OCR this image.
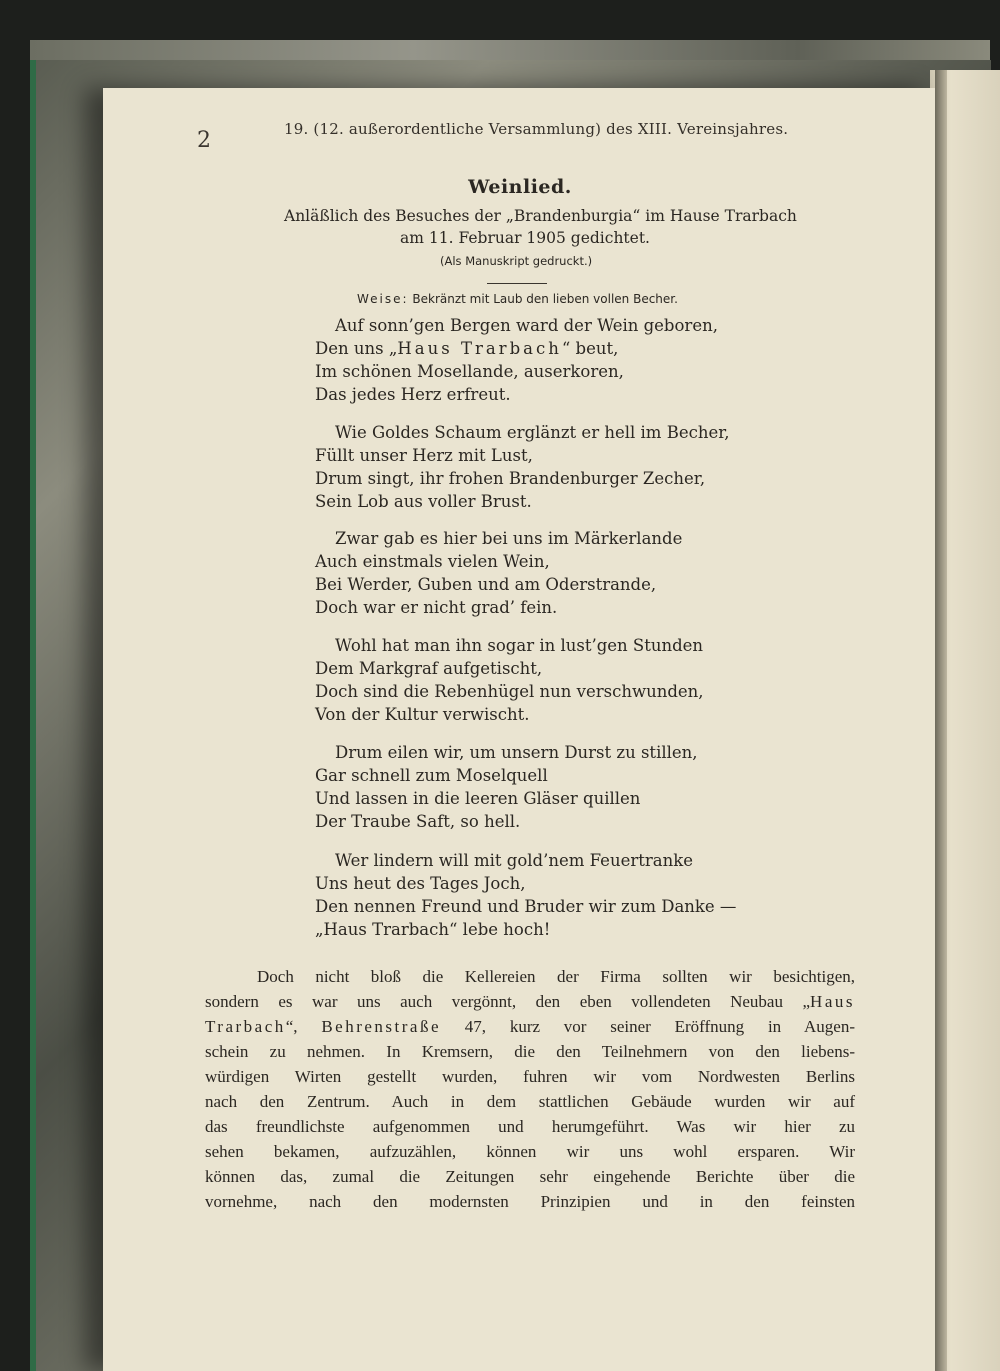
2	19. (12. außerordentliche Versammlung) des XIII. Vereinsjahres.
Weinlied.
Anläßlich des Besuches der „Brandenburgia“ im Hause Trarbach
am 11. Februar 1905 gedichtet.
(Als Manuskript gedruckt.)
Weise: Bekränzt mit Laub den lieben vollen Becher.
Auf sonn’gen Bergen ward der Wein geboren,
Den uns „Haus Trarbach“ beut,
Im schönen Mosellande, auserkoren,
Das jedes Herz erfreut.
Wie Goldes Schaum erglänzt er hell im Becher,
Füllt unser Herz mit Lust,
Drum singt, ihr frohen Brandenburger Zecher,
Sein Lob aus voller Brust.
Zwar gab es hier bei uns im Märkerlande
Auch einstmals vielen Wein,
Bei Werder, Guben und am Oderstrande,
Doch war er nicht grad’ fein.
Wohl hat man ihn sogar in lust’gen Stunden
Dem Markgraf aufgetischt,
Doch sind die Rebenhügel nun verschwunden,
Von der Kultur verwischt.
Drum eilen wir, um unsern Durst zu stillen,
Gar schnell zum Moselquell
Und lassen in die leeren Gläser quillen
Der Traube Saft, so hell.
Wer lindern will mit gold’nem Feuertranke
Uns heut des Tages Joch,
Den nennen Freund und Bruder wir zum Danke —
„Haus Trarbach“ lebe hoch!
Doch nicht bloß die Kellereien der Firma sollten wir besichtigen,
sondern es war uns auch vergönnt, den eben vollendeten Neubau „Haus
Trarbach“, Behrenstraße 47, kurz vor seiner Eröffnung in Augen-
schein zu nehmen. In Kremsern, die den Teilnehmern von den liebens-
würdigen Wirten gestellt wurden, fuhren wir vom Nordwesten Berlins
nach den Zentrum. Auch in dem stattlichen Gebäude wurden wir auf
das freundlichste aufgenommen und herumgeführt. Was wir hier zu
sehen bekamen, aufzuzählen, können wir uns wohl ersparen. Wir
können das, zumal die Zeitungen sehr eingehende Berichte über die
vornehme, nach den modernsten Prinzipien und in den feinsten
